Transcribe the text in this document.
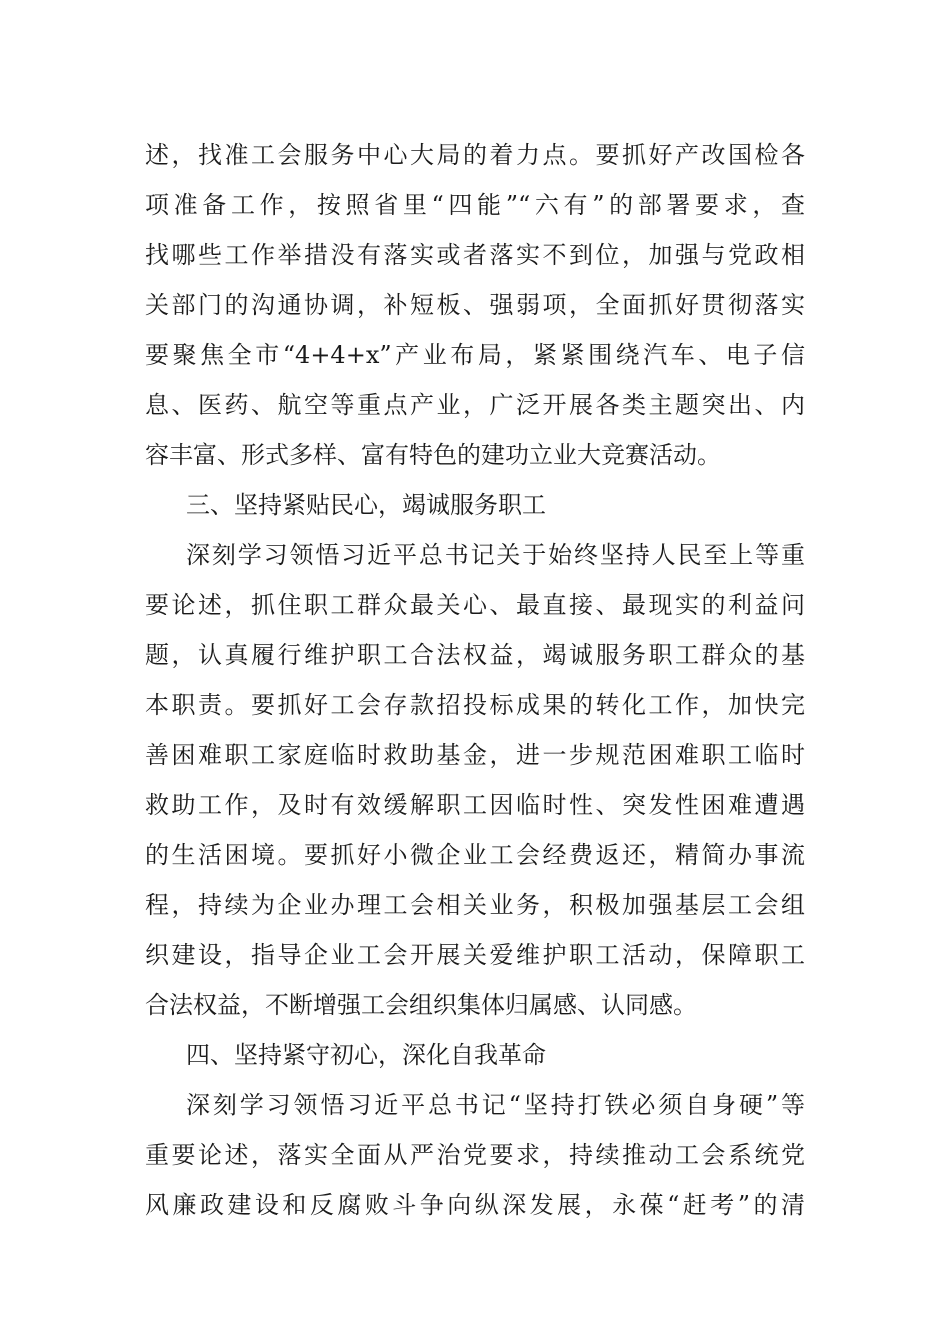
述，找准工会服务中心大局的着力点。要抓好产改国检各
项准备工作，按照省里“四能”“六有”的部署要求，查
找哪些工作举措没有落实或者落实不到位，加强与党政相
关部门的沟通协调，补短板、强弱项，全面抓好贯彻落实
要聚焦全市“4+4+x”产业布局，紧紧围绕汽车、电子信
息、医药、航空等重点产业，广泛开展各类主题突出、内
容丰富、形式多样、富有特色的建功立业大竞赛活动。
三、坚持紧贴民心，竭诚服务职工
深刻学习领悟习近平总书记关于始终坚持人民至上等重
要论述，抓住职工群众最关心、最直接、最现实的利益问
题，认真履行维护职工合法权益，竭诚服务职工群众的基
本职责。要抓好工会存款招投标成果的转化工作，加快完
善困难职工家庭临时救助基金，进一步规范困难职工临时
救助工作，及时有效缓解职工因临时性、突发性困难遭遇
的生活困境。要抓好小微企业工会经费返还，精简办事流
程，持续为企业办理工会相关业务，积极加强基层工会组
织建设，指导企业工会开展关爱维护职工活动，保障职工
合法权益，不断增强工会组织集体归属感、认同感。
四、坚持紧守初心，深化自我革命
深刻学习领悟习近平总书记“坚持打铁必须自身硬”等
重要论述，落实全面从严治党要求，持续推动工会系统党
风廉政建设和反腐败斗争向纵深发展，永葆“赶考”的清
